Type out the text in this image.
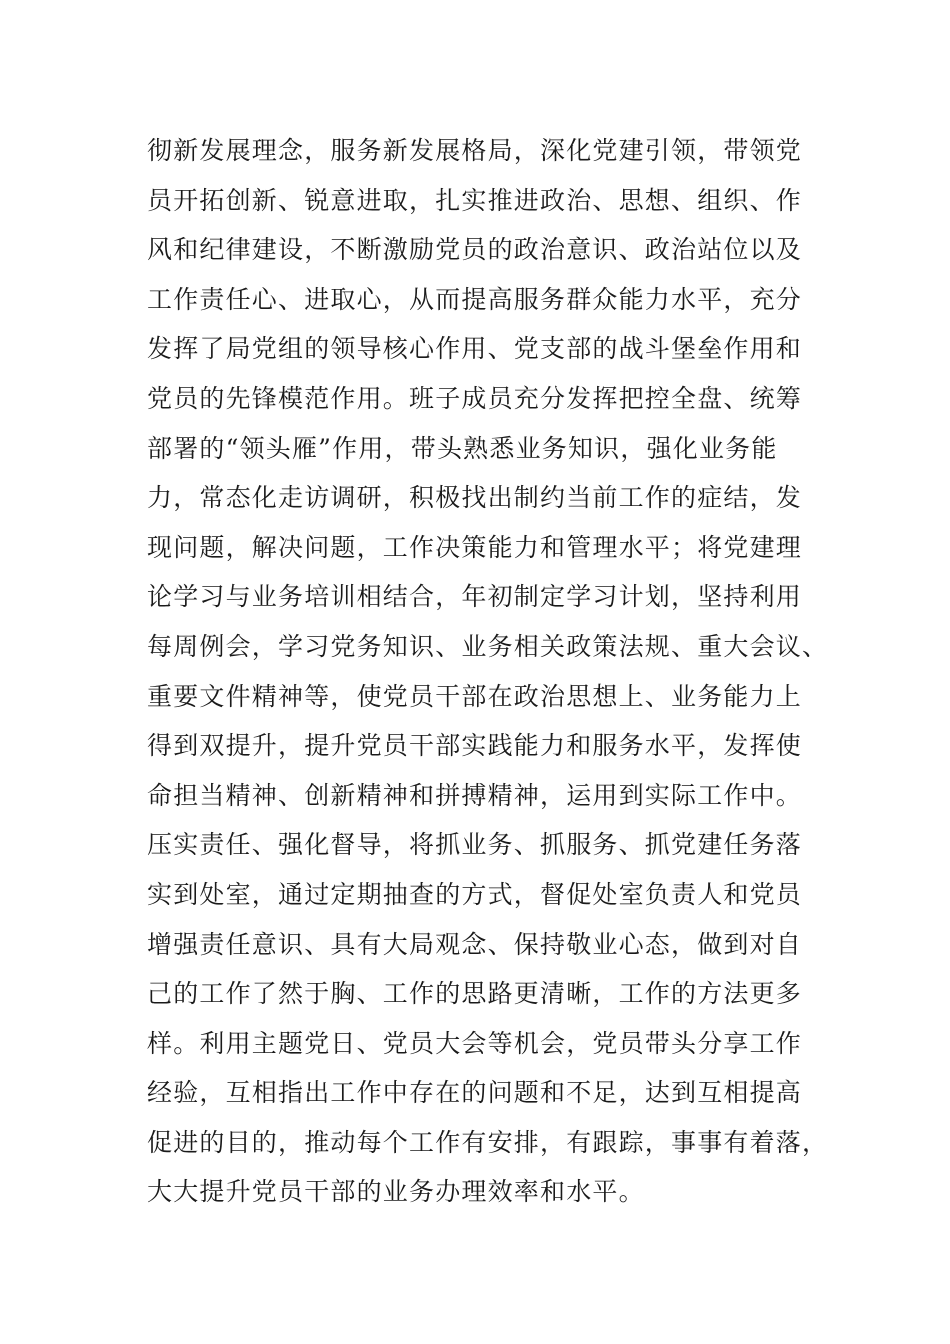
彻新发展理念，服务新发展格局，深化党建引领，带领党
员开拓创新、锐意进取，扎实推进政治、思想、组织、作
风和纪律建设，不断激励党员的政治意识、政治站位以及
工作责任心、进取心，从而提高服务群众能力水平，充分
发挥了局党组的领导核心作用、党支部的战斗堡垒作用和
党员的先锋模范作用。班子成员充分发挥把控全盘、统筹
部署的“领头雁”作用，带头熟悉业务知识，强化业务能
力，常态化走访调研，积极找出制约当前工作的症结，发
现问题，解决问题，工作决策能力和管理水平；将党建理
论学习与业务培训相结合，年初制定学习计划，坚持利用
每周例会，学习党务知识、业务相关政策法规、重大会议、
重要文件精神等，使党员干部在政治思想上、业务能力上
得到双提升，提升党员干部实践能力和服务水平，发挥使
命担当精神、创新精神和拼搏精神，运用到实际工作中。
压实责任、强化督导，将抓业务、抓服务、抓党建任务落
实到处室，通过定期抽查的方式，督促处室负责人和党员
增强责任意识、具有大局观念、保持敬业心态，做到对自
己的工作了然于胸、工作的思路更清晰，工作的方法更多
样。利用主题党日、党员大会等机会，党员带头分享工作
经验，互相指出工作中存在的问题和不足，达到互相提高
促进的目的，推动每个工作有安排，有跟踪，事事有着落，
大大提升党员干部的业务办理效率和水平。
